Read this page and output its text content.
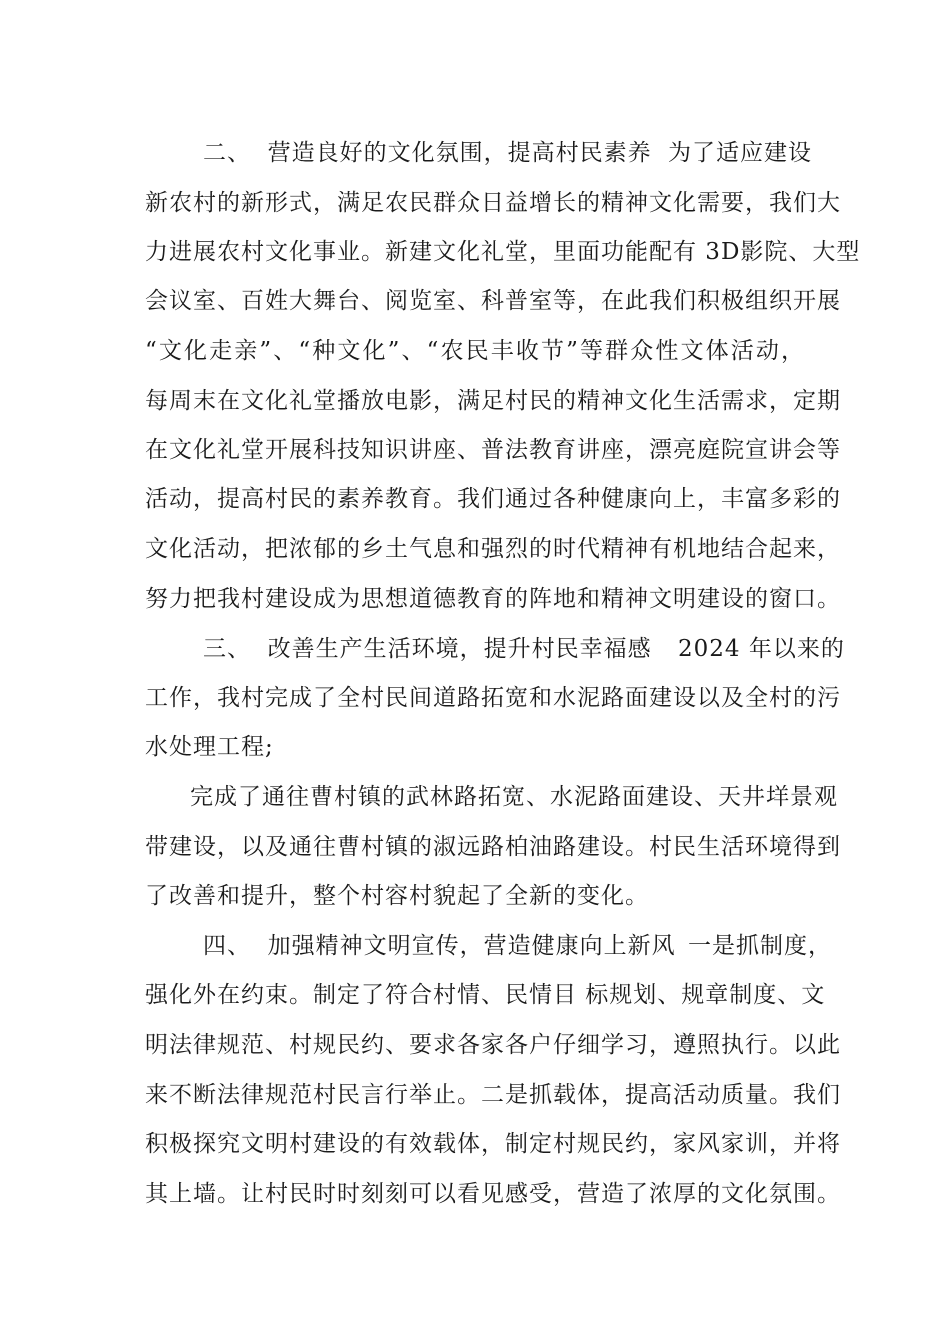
二、  营造良好的文化氛围，提高村民素养 为了适应建设
新农村的新形式，满足农民群众日益增长的精神文化需要，我们大
力进展农村文化事业。新建文化礼堂，里面功能配有 3D影院、大型
会议室、百姓大舞台、阅览室、科普室等，在此我们积极组织开展
“文化走亲”、“种文化”、“农民丰收节”等群众性文体活动，
每周末在文化礼堂播放电影，满足村民的精神文化生活需求，定期
在文化礼堂开展科技知识讲座、普法教育讲座，漂亮庭院宣讲会等
活动，提高村民的素养教育。我们通过各种健康向上，丰富多彩的
文化活动，把浓郁的乡土气息和强烈的时代精神有机地结合起来，
努力把我村建设成为思想道德教育的阵地和精神文明建设的窗口。
三、  改善生产生活环境，提升村民幸福感 2024 年以来的
工作，我村完成了全村民间道路拓宽和水泥路面建设以及全村的污
水处理工程;
完成了通往曹村镇的武林路拓宽、水泥路面建设、天井垟景观
带建设，以及通往曹村镇的淑远路柏油路建设。村民生活环境得到
了改善和提升，整个村容村貌起了全新的变化。
四、  加强精神文明宣传，营造健康向上新风 一是抓制度，
强化外在约束。制定了符合村情、民情目 标规划、规章制度、文
明法律规范、村规民约、要求各家各户仔细学习，遵照执行。以此
来不断法律规范村民言行举止。二是抓载体，提高活动质量。我们
积极探究文明村建设的有效载体，制定村规民约，家风家训，并将
其上墙。让村民时时刻刻可以看见感受，营造了浓厚的文化氛围。
